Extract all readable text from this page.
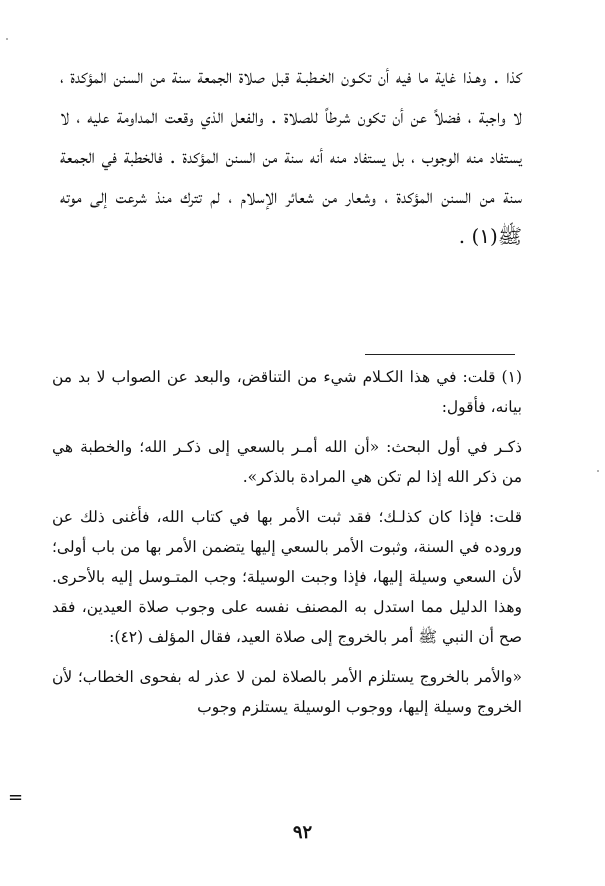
كذا . وهـذا غاية ما فيه أن تكـون الخـطبـة قبل صلاة الجمعة سنة من السنن المؤكدة ، لا واجبة ، فضلاً عن أن تكون شرطاً للصلاة . والفعل الذي وقعت المداومة عليه ، لا يستفاد منه الوجوب ، بل يستفاد منه أنه سنة من السنن المؤكدة . فالخطبة في الجمعة سنة من السنن المؤكدة ، وشعار من شعائر الإسلام ، لم تترك منذ شرعت إلى موته ﷺ(١) .

(١) قلت: في هذا الكـلام شيء من التناقض، والبعد عن الصواب لا بد من بيانه، فأقول:

ذكـر في أول البحث: «أن الله أمـر بالسعي إلى ذكـر الله؛ والخطبة هي من ذكر الله إذا لم تكن هي المرادة بالذكر».

قلت: فإذا كان كذلـك؛ فقد ثبت الأمر بها في كتاب الله، فأغنى ذلك عن وروده في السنة، وثبوت الأمر بالسعي إليها يتضمن الأمر بها من باب أولى؛ لأن السعي وسيلة إليها، فإذا وجبت الوسيلة؛ وجب المتـوسل إليه بالأحرى. وهذا الدليل مما استدل به المصنف نفسه على وجوب صلاة العيدين، فقد صح أن النبي ﷺ أمر بالخروج إلى صلاة العيد، فقال المؤلف (٤٢):

«والأمر بالخروج يستلزم الأمر بالصلاة لمن لا عذر له بفحوى الخطاب؛ لأن الخروج وسيلة إليها، ووجوب الوسيلة يستلزم وجوب

=
٩٢
